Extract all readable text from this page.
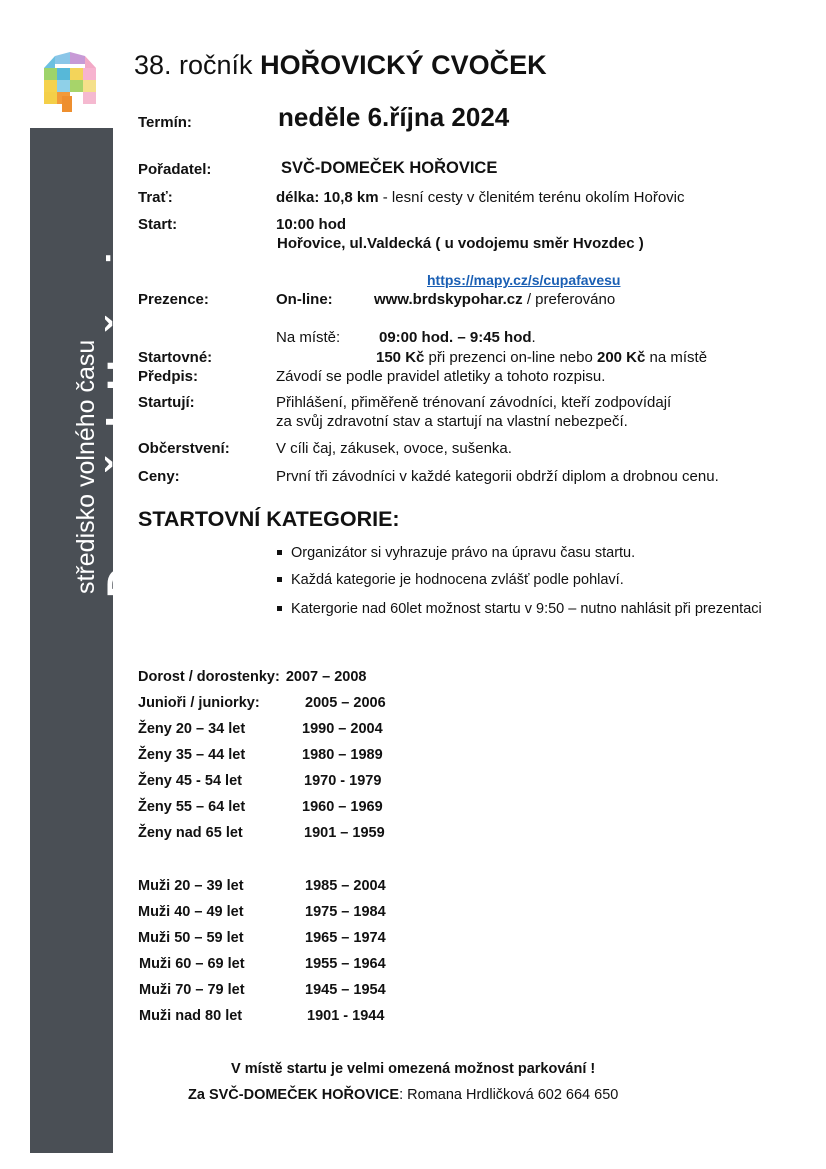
středisko volného času Domeček Hořovice
38. ročník HOŘOVICKÝ CVOČEK
Termín:	neděle 6.října 2024
Pořadatel:	SVČ-DOMEČEK HOŘOVICE
Trať:	délka: 10,8 km - lesní cesty v členitém terénu okolím Hořovic
Start:	10:00 hod
Hořovice, ul.Valdecká ( u vodojemu směr Hvozdec )
https://mapy.cz/s/cupafavesu
Prezence:	On-line:	www.brdskypohar.cz / preferováno
Na místě:	09:00 hod. – 9:45 hod.
Startovné:	150 Kč při prezenci on-line nebo 200 Kč na místě
Předpis:	Závodí se podle pravidel atletiky a tohoto rozpisu.
Startují:	Přihlášení, přiměřeně trénovaní závodníci, kteří zodpovídají
za svůj zdravotní stav a startují na vlastní nebezpečí.
Občerstvení:	V cíli čaj, zákusek, ovoce, sušenka.
Ceny:	První tři závodníci v každé kategorii obdrží diplom a drobnou cenu.
STARTOVNÍ KATEGORIE:
Organizátor si vyhrazuje právo na úpravu času startu.
Každá kategorie je hodnocena zvlášť podle pohlaví.
Katergorie nad 60let možnost startu v 9:50 – nutno nahlásit při prezentaci
Dorost / dorostenky: 2007 – 2008
Junioři / juniorky:	2005 – 2006
Ženy 20 – 34 let	1990 – 2004
Ženy 35 – 44 let	1980 – 1989
Ženy 45 - 54 let	1970 - 1979
Ženy 55 – 64 let	1960 – 1969
Ženy nad 65 let	1901 – 1959
Muži 20 – 39 let	1985 – 2004
Muži 40 – 49 let	1975 – 1984
Muži 50 – 59 let	1965 – 1974
Muži 60 – 69 let	1955 – 1964
Muži 70 – 79 let	1945 – 1954
Muži nad 80 let	1901 - 1944
V místě startu je velmi omezená možnost parkování !
Za SVČ-DOMEČEK HOŘOVICE: Romana Hrdličková 602 664 650
